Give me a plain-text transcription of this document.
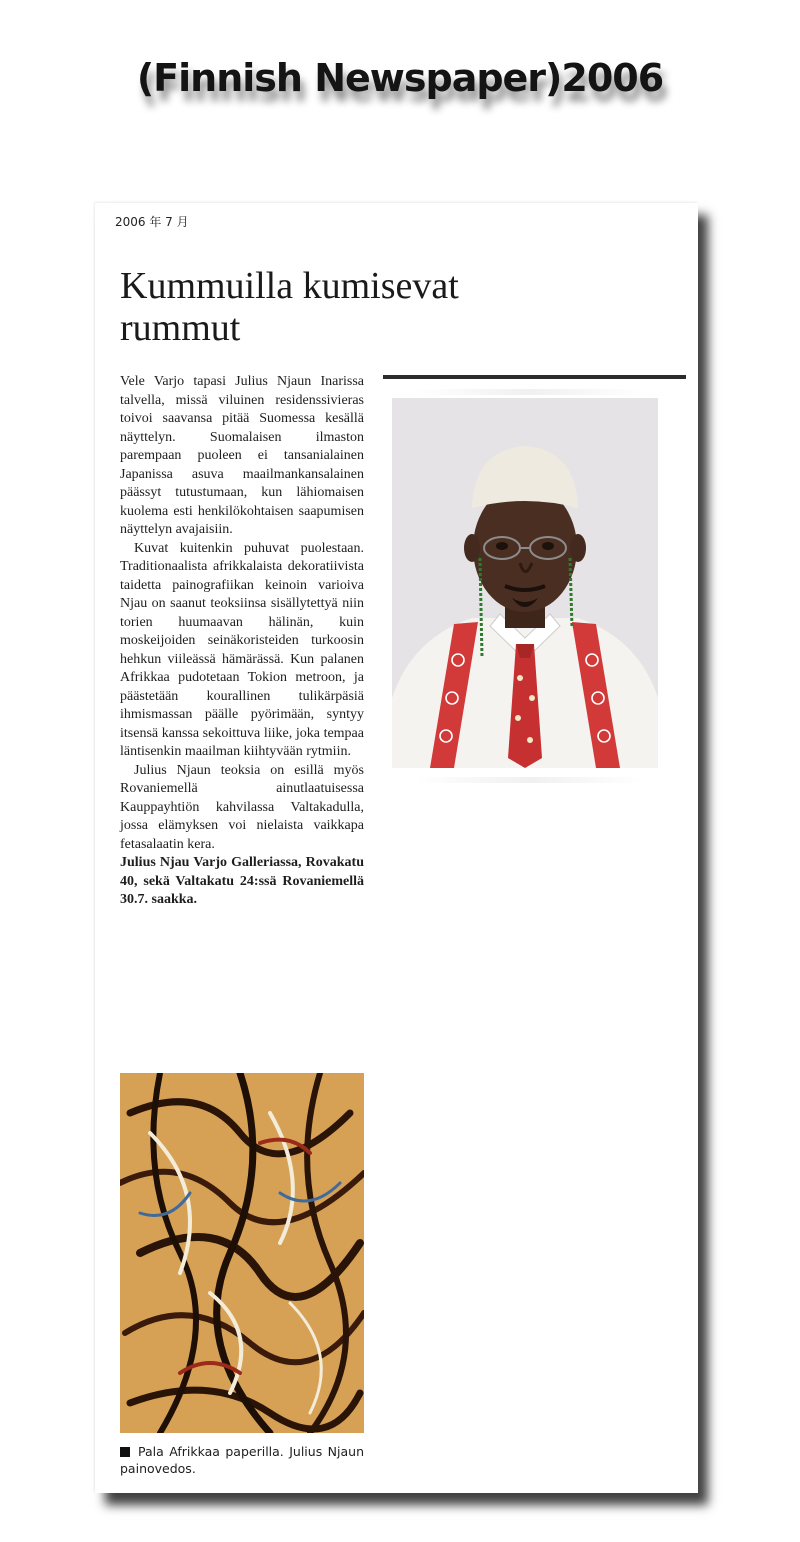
(Finnish Newspaper)2006
2006 年 7 月
Kummuilla kumisevat rummut

Vele Varjo tapasi Julius Njaun Inarissa talvella, missä viluinen residenssivieras toivoi saavansa pitää Suomessa kesällä näyttelyn. Suomalaisen ilmaston parempaan puoleen ei tansanialainen Japanissa asuva maailmankansalainen päässyt tutustumaan, kun lähiomaisen kuolema esti henkilökohtaisen saapumisen näyttelyn avajaisiin.

Kuvat kuitenkin puhuvat puolestaan. Traditionaalista afrikkalaista dekoratiivista taidetta painografiikan keinoin varioiva Njau on saanut teoksiinsa sisällytettyä niin torien huumaavan hälinän, kuin moskeijoiden seinäkoristeiden turkoosin hehkun viileässä hämärässä. Kun palanen Afrikkaa pudotetaan Tokion metroon, ja päästetään kourallinen tulikärpäsiä ihmismassan päälle pyörimään, syntyy itsensä kanssa sekoittuva liike, joka tempaa läntisenkin maailman kiihtyvään rytmiin.

Julius Njaun teoksia on esillä myös Rovaniemellä ainutlaatuisessa Kauppayhtiön kahvilassa Valtakadulla, jossa elämyksen voi nielaista vaikkapa fetasalaatin kera.

Julius Njau Varjo Galleriassa, Rovakatu 40, sekä Valtakatu 24:ssä Rovaniemellä 30.7. saakka.

Pala Afrikkaa paperilla. Julius Njaun painovedos.
